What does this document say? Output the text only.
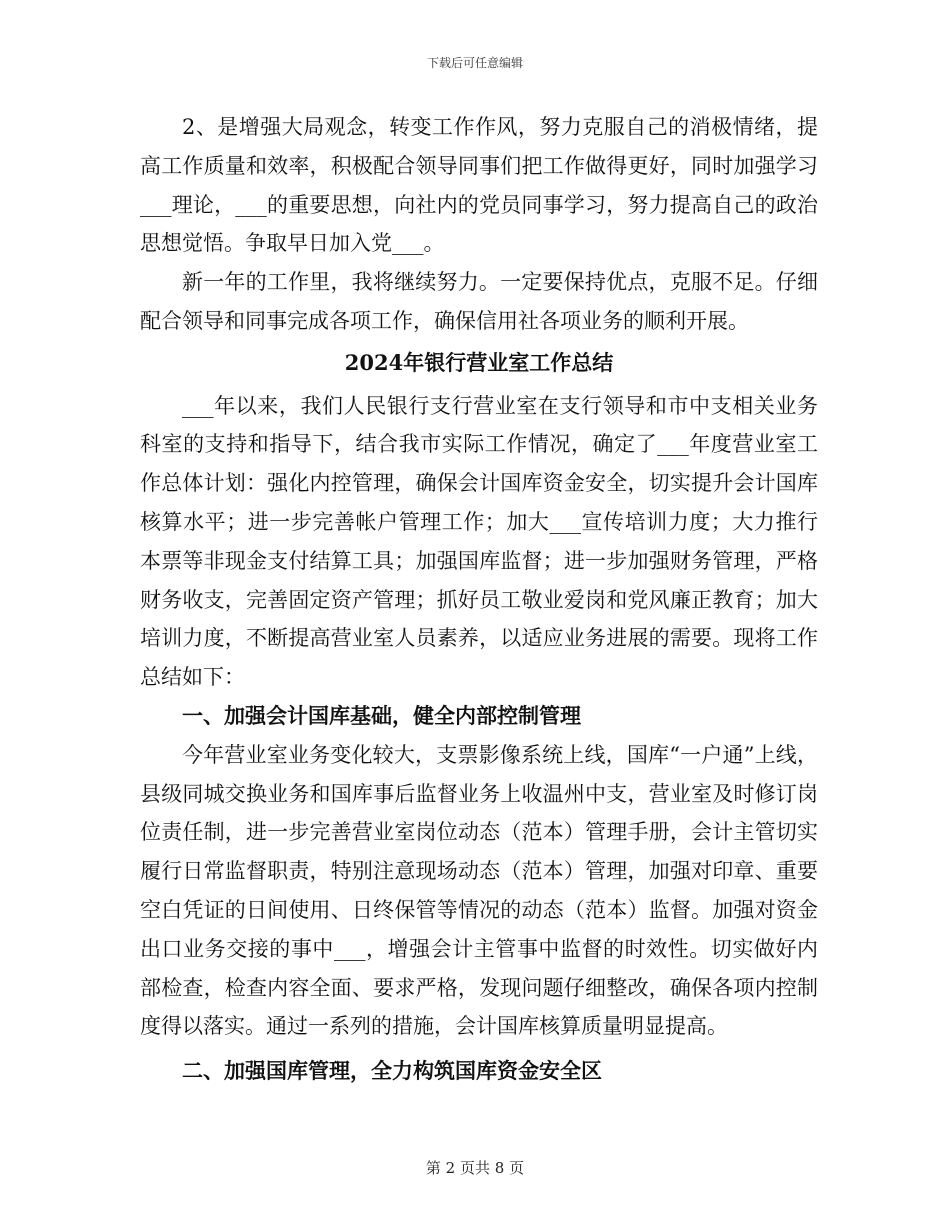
下载后可任意编辑

2、是增强大局观念，转变工作作风，努力克服自己的消极情绪，提高工作质量和效率，积极配合领导同事们把工作做得更好，同时加强学习___理论，___的重要思想，向社内的党员同事学习，努力提高自己的政治思想觉悟。争取早日加入党___。

新一年的工作里，我将继续努力。一定要保持优点，克服不足。仔细配合领导和同事完成各项工作，确保信用社各项业务的顺利开展。

2024年银行营业室工作总结

___年以来，我们人民银行支行营业室在支行领导和市中支相关业务科室的支持和指导下，结合我市实际工作情况，确定了___年度营业室工作总体计划：强化内控管理，确保会计国库资金安全，切实提升会计国库核算水平；进一步完善帐户管理工作；加大___宣传培训力度；大力推行本票等非现金支付结算工具；加强国库监督；进一步加强财务管理，严格财务收支，完善固定资产管理；抓好员工敬业爱岗和党风廉正教育；加大培训力度，不断提高营业室人员素养，以适应业务进展的需要。现将工作总结如下：

一、加强会计国库基础，健全内部控制管理

今年营业室业务变化较大，支票影像系统上线，国库“一户通”上线，县级同城交换业务和国库事后监督业务上收温州中支，营业室及时修订岗位责任制，进一步完善营业室岗位动态（范本）管理手册，会计主管切实履行日常监督职责，特别注意现场动态（范本）管理，加强对印章、重要空白凭证的日间使用、日终保管等情况的动态（范本）监督。加强对资金出口业务交接的事中___，增强会计主管事中监督的时效性。切实做好内部检查，检查内容全面、要求严格，发现问题仔细整改，确保各项内控制度得以落实。通过一系列的措施，会计国库核算质量明显提高。

二、加强国库管理，全力构筑国库资金安全区

第 2 页共 8 页
